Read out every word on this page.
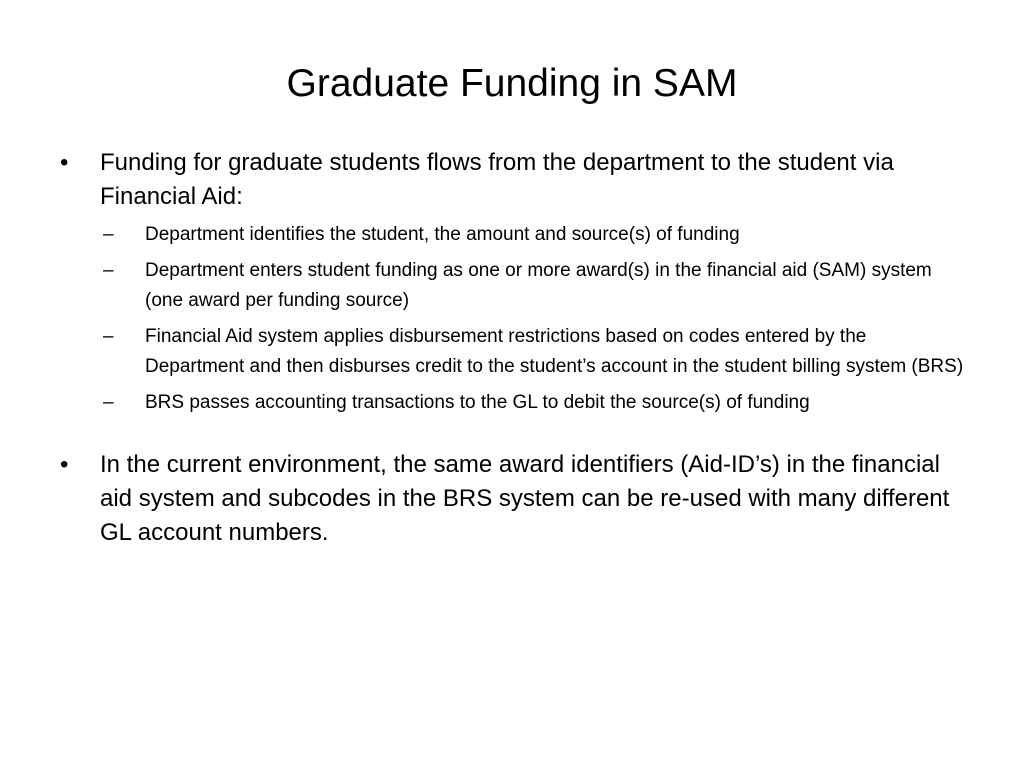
Graduate Funding in SAM
• Funding for graduate students flows from the department to the student via Financial Aid:
– Department identifies the student, the amount and source(s) of funding
– Department enters student funding as one or more award(s) in the financial aid (SAM) system (one award per funding source)
– Financial Aid system applies disbursement restrictions based on codes entered by the Department and then disburses credit to the student’s account in the student billing system (BRS)
– BRS passes accounting transactions to the GL to debit the source(s) of funding
• In the current environment, the same award identifiers (Aid-ID’s) in the financial aid system and subcodes in the BRS system can be re-used with many different GL account numbers.
